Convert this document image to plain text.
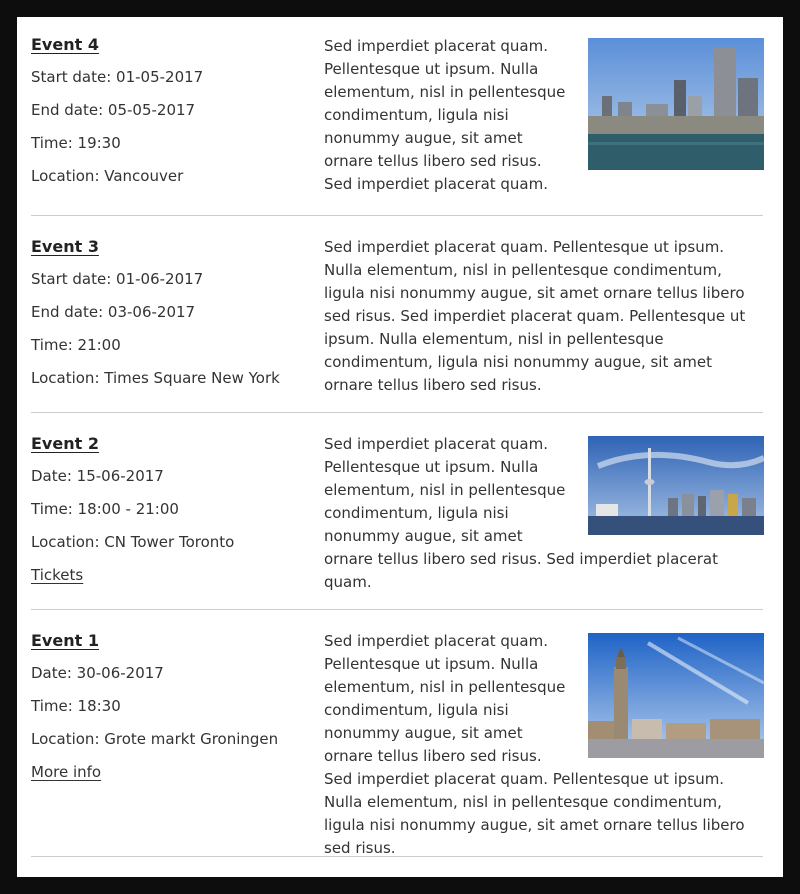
Event 4
Start date: 01-05-2017
End date: 05-05-2017
Time: 19:30
Location: Vancouver
Sed imperdiet placerat quam. Pellentesque ut ipsum. Nulla elementum, nisl in pellentesque condimentum, ligula nisi nonummy augue, sit amet ornare tellus libero sed risus. Sed imperdiet placerat quam.
Event 3
Start date: 01-06-2017
End date: 03-06-2017
Time: 21:00
Location: Times Square New York
Sed imperdiet placerat quam. Pellentesque ut ipsum. Nulla elementum, nisl in pellentesque condimentum, ligula nisi nonummy augue, sit amet ornare tellus libero sed risus. Sed imperdiet placerat quam. Pellentesque ut ipsum. Nulla elementum, nisl in pellentesque condimentum, ligula nisi nonummy augue, sit amet ornare tellus libero sed risus.
Event 2
Date: 15-06-2017
Time: 18:00 - 21:00
Location: CN Tower Toronto
Tickets
Sed imperdiet placerat quam. Pellentesque ut ipsum. Nulla elementum, nisl in pellentesque condimentum, ligula nisi nonummy augue, sit amet ornare tellus libero sed risus. Sed imperdiet placerat quam.
Event 1
Date: 30-06-2017
Time: 18:30
Location: Grote markt Groningen
More info
Sed imperdiet placerat quam. Pellentesque ut ipsum. Nulla elementum, nisl in pellentesque condimentum, ligula nisi nonummy augue, sit amet ornare tellus libero sed risus. Sed imperdiet placerat quam. Pellentesque ut ipsum. Nulla elementum, nisl in pellentesque condimentum, ligula nisi nonummy augue, sit amet ornare tellus libero sed risus.
